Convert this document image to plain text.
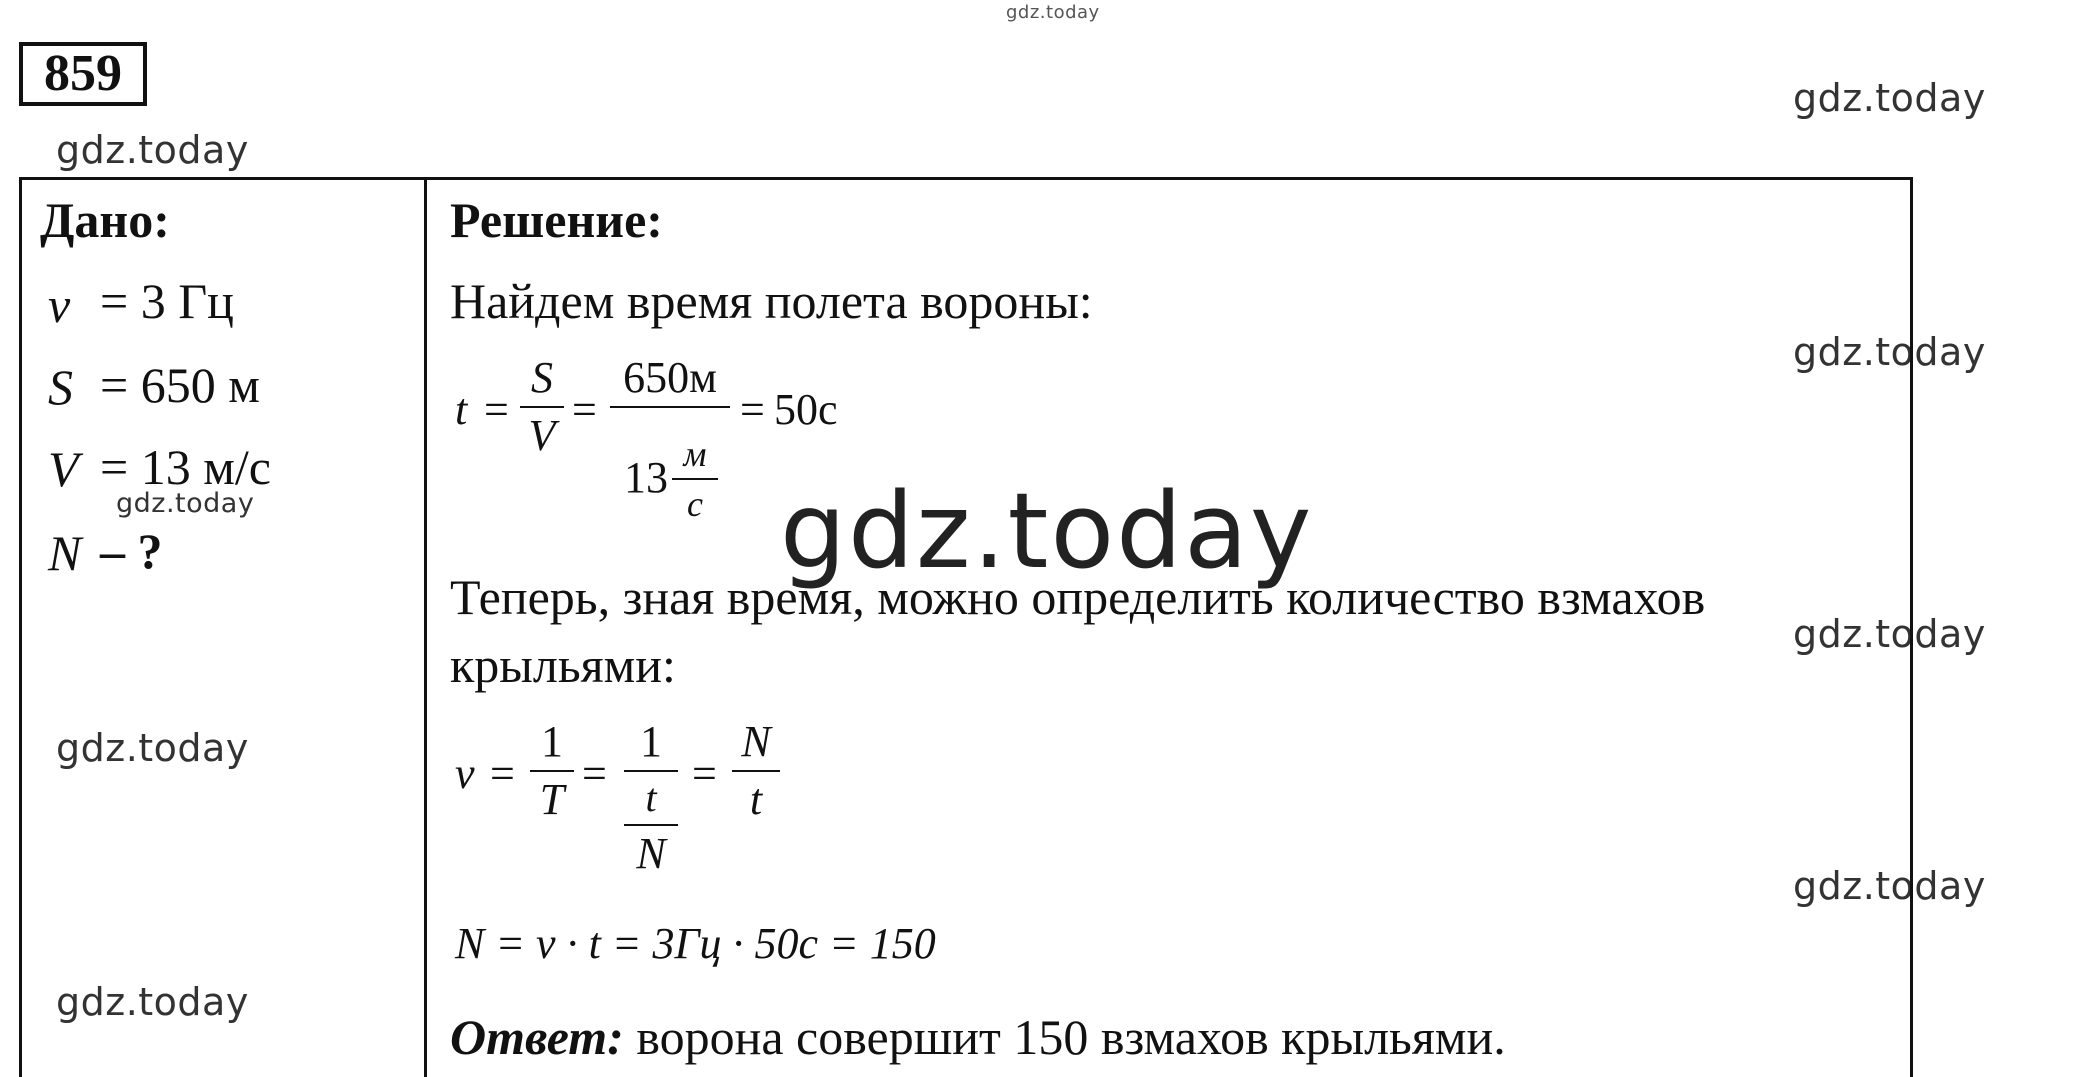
gdz.today
gdz.today
gdz.today
gdz.today
gdz.today
gdz.today
gdz.today
gdz.today
gdz.today
859
Дано:
ν = 3 Гц
S = 650 м
V = 13 м/с
N – ?
Решение:
Найдем время полета вороны:
t =
S
V
=
650м
13 м
с
= 50с
gdz.today
Теперь, зная время, можно определить количество взмахов
крыльями:
ν =
1
T
=
1
t
N
=
N
t
N = ν · t = 3Гц · 50с = 150
Ответ: ворона совершит 150 взмахов крыльями.
